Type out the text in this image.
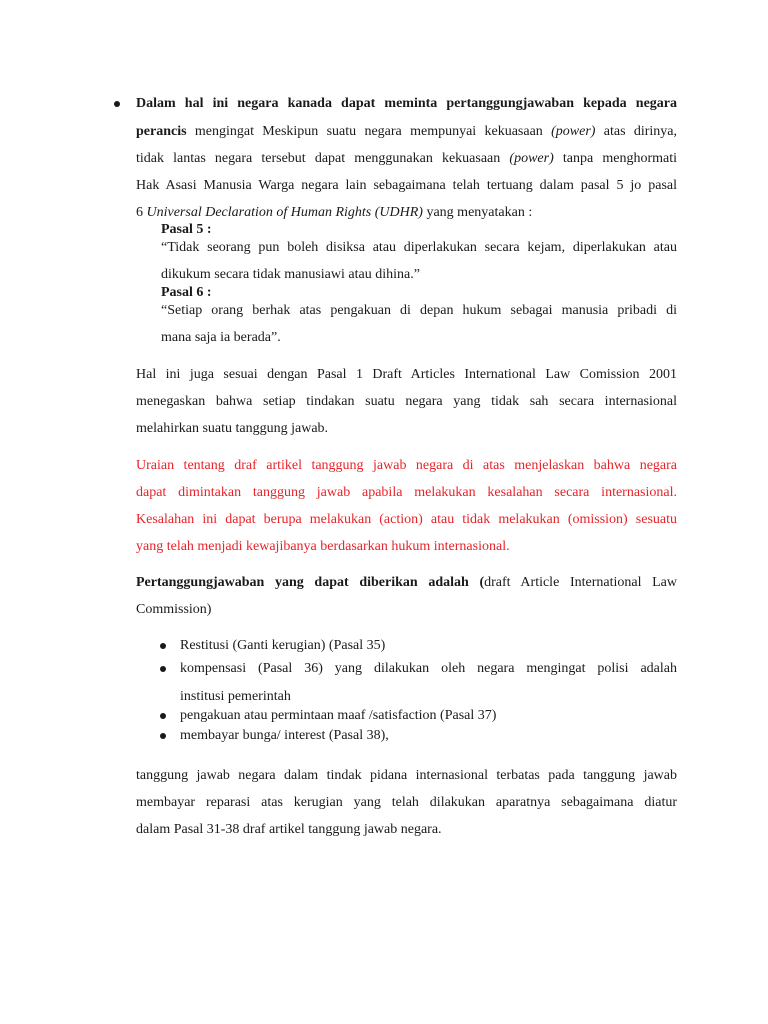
Dalam hal ini negara kanada dapat meminta pertanggungjawaban kepada negara
perancis mengingat Meskipun suatu negara mempunyai kekuasaan (power) atas dirinya,
tidak lantas negara tersebut dapat menggunakan kekuasaan (power) tanpa menghormati
Hak Asasi Manusia Warga negara lain sebagaimana telah tertuang dalam pasal 5 jo pasal
6 Universal Declaration of Human Rights (UDHR) yang menyatakan :
Pasal 5 :
“Tidak seorang pun boleh disiksa atau diperlakukan secara kejam, diperlakukan atau
dikukum secara tidak manusiawi atau dihina.”
Pasal 6 :
“Setiap orang berhak atas pengakuan di depan hukum sebagai manusia pribadi di
mana saja ia berada”.
Hal ini juga sesuai dengan Pasal 1 Draft Articles International Law Comission 2001
menegaskan bahwa setiap tindakan suatu negara yang tidak sah secara internasional
melahirkan suatu tanggung jawab.
Uraian tentang draf artikel tanggung jawab negara di atas menjelaskan bahwa negara
dapat dimintakan tanggung jawab apabila melakukan kesalahan secara internasional.
Kesalahan ini dapat berupa melakukan (action) atau tidak melakukan (omission) sesuatu
yang telah menjadi kewajibanya berdasarkan hukum internasional.
Pertanggungjawaban yang dapat diberikan adalah (draft Article International Law
Commission)
Restitusi (Ganti kerugian) (Pasal 35)
kompensasi (Pasal 36) yang dilakukan oleh negara mengingat polisi adalah
institusi pemerintah
pengakuan atau permintaan maaf /satisfaction (Pasal 37)
membayar bunga/ interest (Pasal 38),
tanggung jawab negara dalam tindak pidana internasional terbatas pada tanggung jawab
membayar reparasi atas kerugian yang telah dilakukan aparatnya sebagaimana diatur
dalam Pasal 31-38 draf artikel tanggung jawab negara.
